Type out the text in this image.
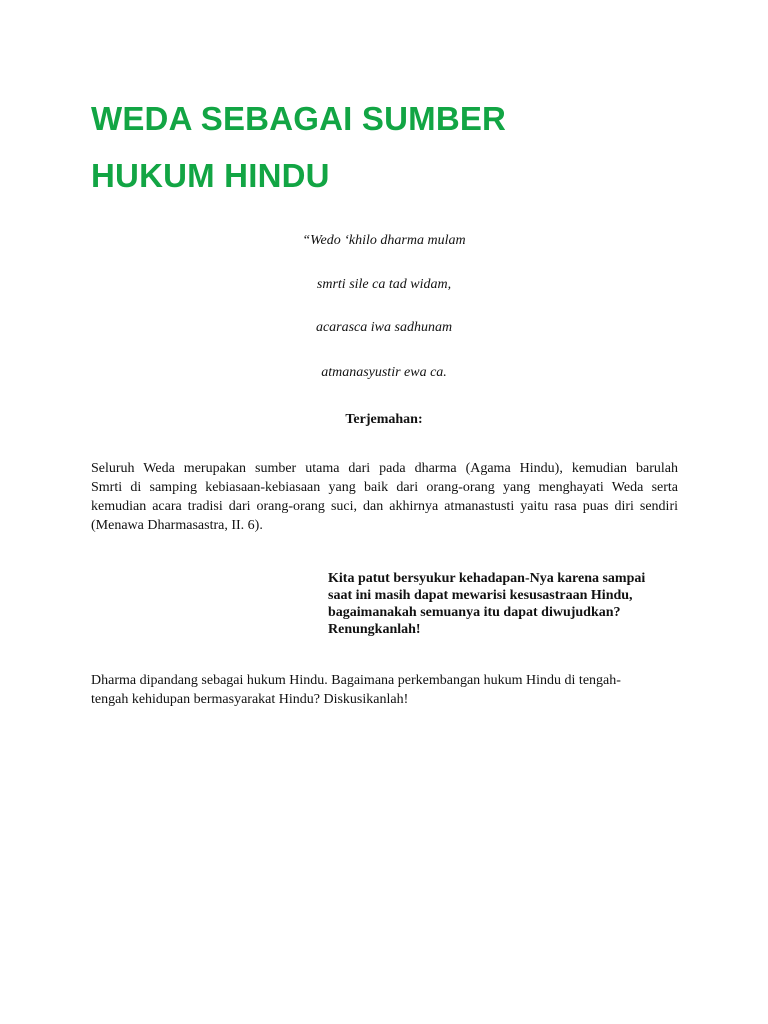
WEDA SEBAGAI SUMBER
HUKUM HINDU

“Wedo ‘khilo dharma mulam

smrti sile ca tad widam,

acarasca iwa sadhunam

atmanasyustir ewa ca.

Terjemahan:

Seluruh Weda merupakan sumber utama dari pada dharma (Agama Hindu), kemudian barulah
Smrti di samping kebiasaan-kebiasaan yang baik dari orang-orang yang menghayati Weda serta
kemudian acara tradisi dari orang-orang suci, dan akhirnya atmanastusti yaitu rasa puas diri sendiri
(Menawa Dharmasastra, II. 6).

Kita patut bersyukur kehadapan-Nya karena sampai
saat ini masih dapat mewarisi kesusastraan Hindu,
bagaimanakah semuanya itu dapat diwujudkan?
Renungkanlah!

Dharma dipandang sebagai hukum Hindu. Bagaimana perkembangan hukum Hindu di tengah-
tengah kehidupan bermasyarakat Hindu? Diskusikanlah!
